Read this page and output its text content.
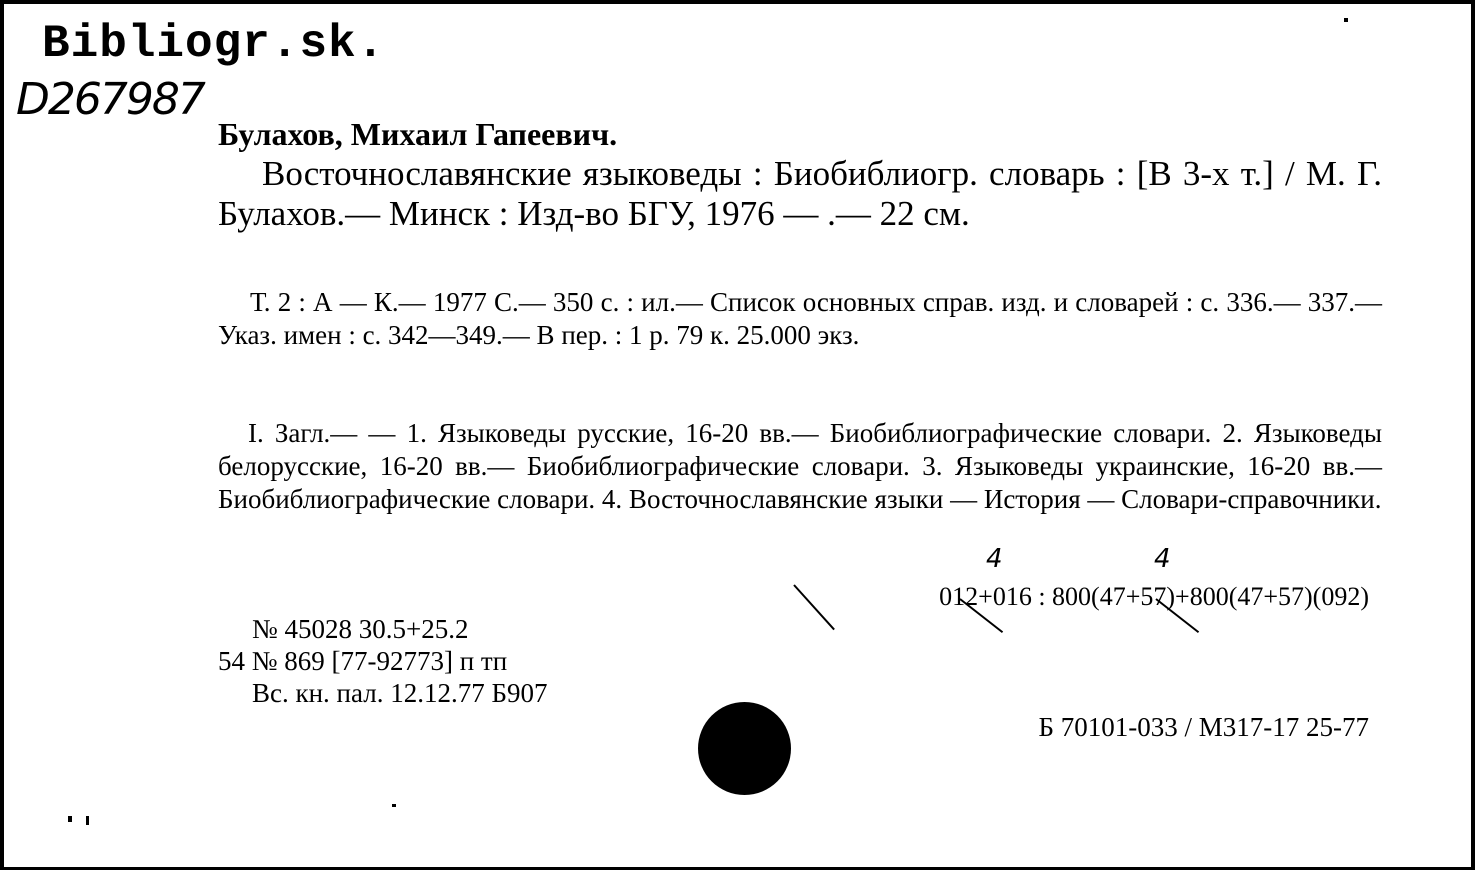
Bibliogr.sk.
D267987
Булахов, Михаил Гапеевич.
Восточнославянские языковеды : Биобиблиогр. словарь : [В 3-х т.] / М. Г. Булахов.— Минск : Изд-во БГУ, 1976 — .— 22 см.
Т. 2 : А — К.— 1977 С.— 350 с. : ил.— Список основных справ. изд. и словарей : с. 336.— 337.— Указ. имен : с. 342—349.— В пер. : 1 р. 79 к. 25.000 экз.
I. Загл.— — 1. Языковеды русские, 16-20 вв.— Биобиблиографические словари. 2. Языковеды белорусские, 16-20 вв.— Биобиблиографические словари. 3. Языковеды украинские, 16-20 вв.— Биобиблиографические словари. 4. Восточнославянские языки — История — Словари-справочники.
4	4
012+016 : 800(47+57)+800(47+57)(092)
№ 45028 30.5+25.2
54 № 869 [77-92773] п тп
Вс. кн. пал. 12.12.77 Б907
Б 70101-033 / М317-17 25-77
